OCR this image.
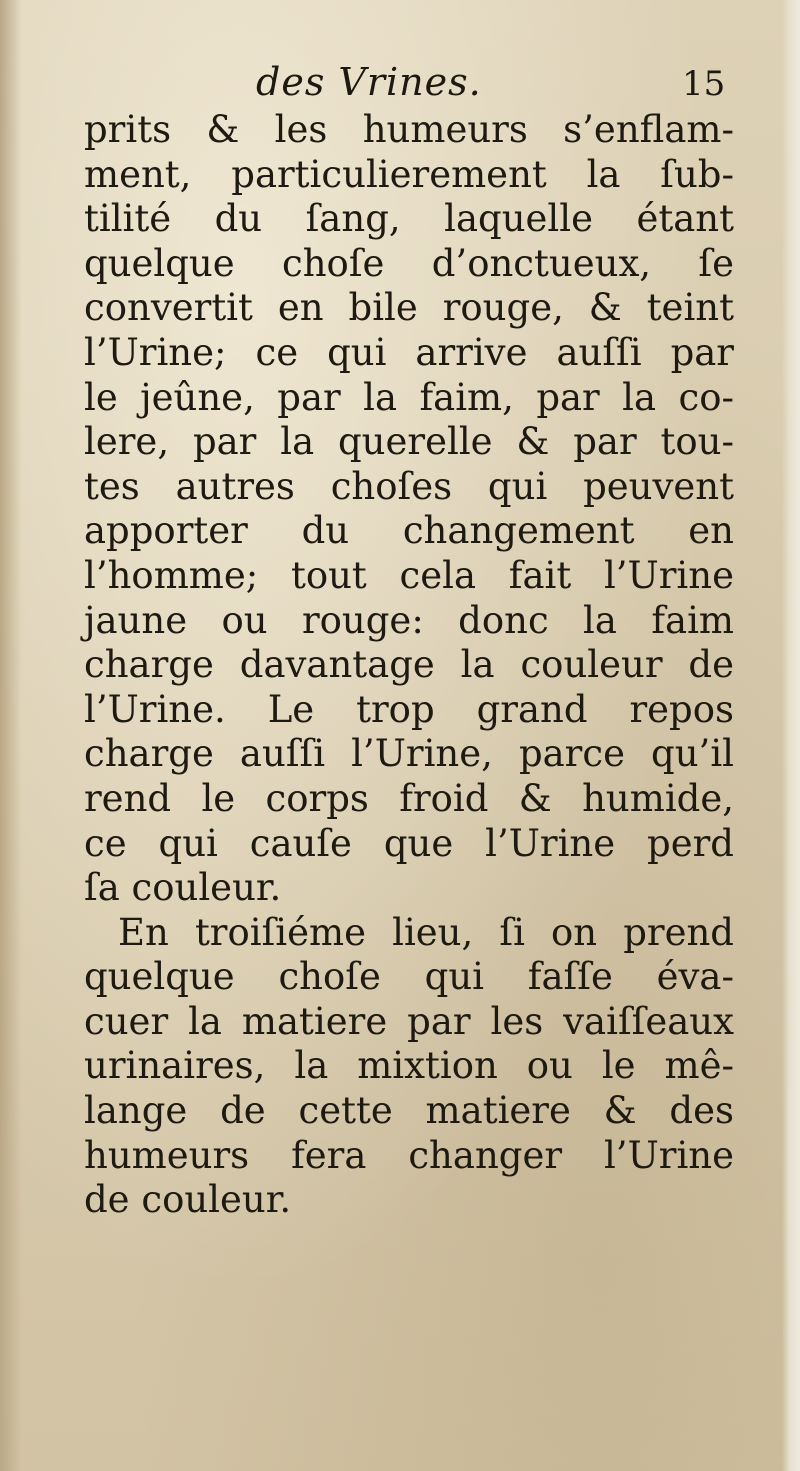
des Vrines.	15
prits & les humeurs s’enflam-
ment, particulierement la ſub-
tilité du ſang, laquelle étant
quelque choſe d’onctueux, ſe
convertit en bile rouge, & teint
l’Urine; ce qui arrive auſſi par
le jeûne, par la faim, par la co-
lere, par la querelle & par tou-
tes autres choſes qui peuvent
apporter du changement en
l’homme; tout cela fait l’Urine
jaune ou rouge: donc la faim
charge davantage la couleur de
l’Urine. Le trop grand repos
charge auſſi l’Urine, parce qu’il
rend le corps froid & humide,
ce qui cauſe que l’Urine perd
ſa couleur.
En troiſiéme lieu, ſi on prend
quelque choſe qui faſſe éva-
cuer la matiere par les vaiſſeaux
urinaires, la mixtion ou le mê-
lange de cette matiere & des
humeurs fera changer l’Urine
de couleur.
